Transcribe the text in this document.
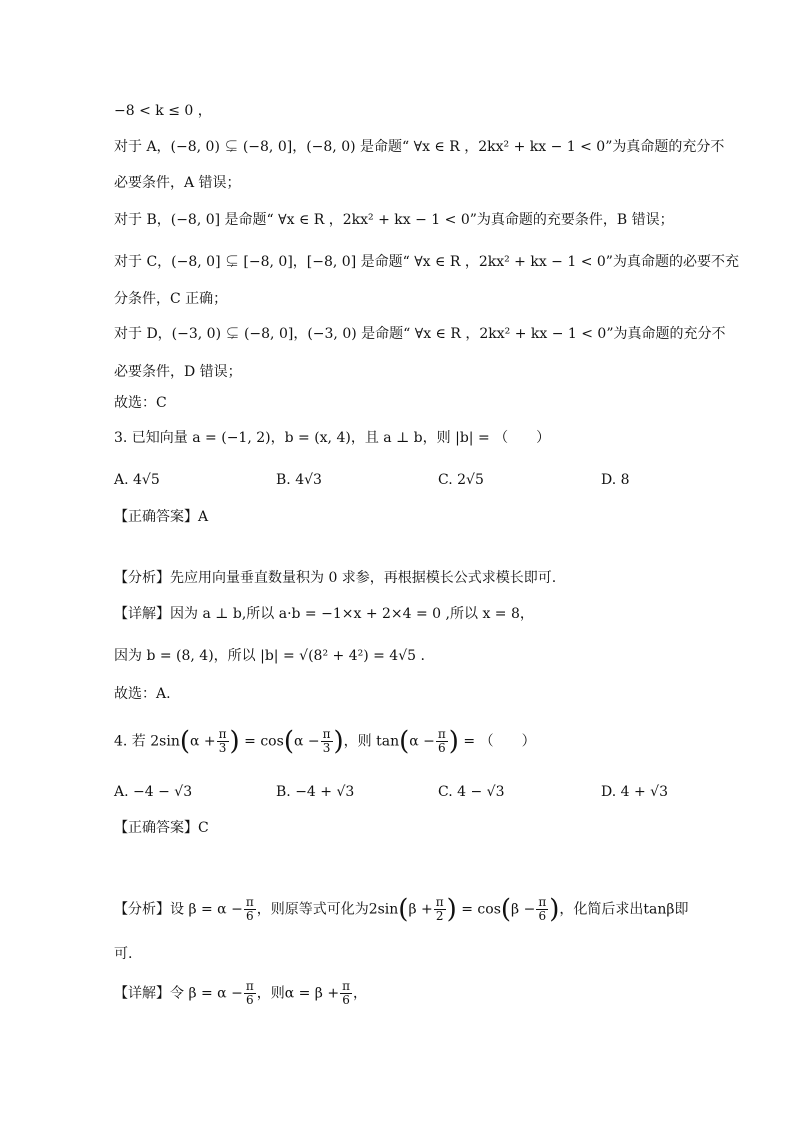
−8 < k ≤ 0 ，
对于 A，(−8, 0) ⊊ (−8, 0]，(−8, 0) 是命题“ ∀x ∈ R ，2kx² + kx − 1 < 0”为真命题的充分不
必要条件，A 错误；
对于 B，(−8, 0] 是命题“ ∀x ∈ R ，2kx² + kx − 1 < 0”为真命题的充要条件，B 错误；
对于 C，(−8, 0] ⊊ [−8, 0]，[−8, 0] 是命题“ ∀x ∈ R ，2kx² + kx − 1 < 0”为真命题的必要不充
分条件，C 正确；
对于 D，(−3, 0) ⊊ (−8, 0]，(−3, 0) 是命题“ ∀x ∈ R ，2kx² + kx − 1 < 0”为真命题的充分不
必要条件，D 错误；
故选：C
3. 已知向量 a = (−1, 2)，b = (x, 4)，且 a ⊥ b，则 |b| = （　　）
A. 4√5	B. 4√3	C. 2√5	D. 8
【正确答案】A
【分析】先应用向量垂直数量积为 0 求参，再根据模长公式求模长即可.
【详解】因为 a ⊥ b,所以 a·b = −1×x + 2×4 = 0 ,所以 x = 8，
因为 b = (8, 4)，所以 |b| = √(8² + 4²) = 4√5 .
故选：A.
4. 若 $2\sin(\alpha + \frac{\pi}{3}$ ) = $\cos(\alpha - \frac{\pi}{3}$ )，则 $\tan(\alpha - \frac{\pi}{6}$ ) = （　　）
A. −4 − √3	B. −4 + √3	C. 4 − √3	D. 4 + √3
【正确答案】C
【分析】设 $\beta = \alpha - \frac{\pi}{6}$ ，则原等式可化为$2\sin(\beta + \frac{\pi}{2}$ ) = $\cos(\beta - \frac{\pi}{6}$ )，化简后求出tanβ即
可.
【详解】令 $\beta = \alpha - \frac{\pi}{6}$ ，则$\alpha = \beta + \frac{\pi}{6}$ ，
